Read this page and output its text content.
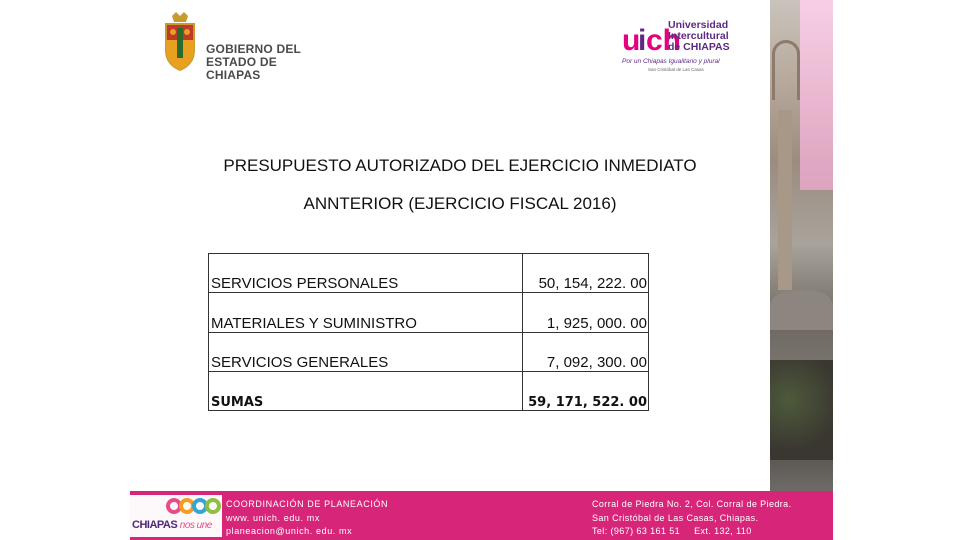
GOBIERNO DEL
ESTADO DE CHIAPAS
u
i ch
Universidad
Intercultural
de CHIAPAS
Por un Chiapas Igualitario y plural
San Cristóbal de Las Casas
PRESUPUESTO AUTORIZADO DEL EJERCICIO INMEDIATO
ANNTERIOR (EJERCICIO FISCAL 2016)
SERVICIOS PERSONALES	50, 154, 222. 00
MATERIALES Y SUMINISTRO	1, 925, 000. 00
SERVICIOS GENERALES	7, 092, 300. 00
SUMAS	59, 171, 522. 00
CHIAPAS nos une
COORDINACIÓN DE PLANEACIÓN
www. unich. edu. mx
planeacion@unich. edu. mx
Corral de Piedra No. 2, Col. Corral de Piedra.
San Cristóbal de Las Casas, Chiapas.
Tel: (967) 63 161 51 Ext. 132, 110
